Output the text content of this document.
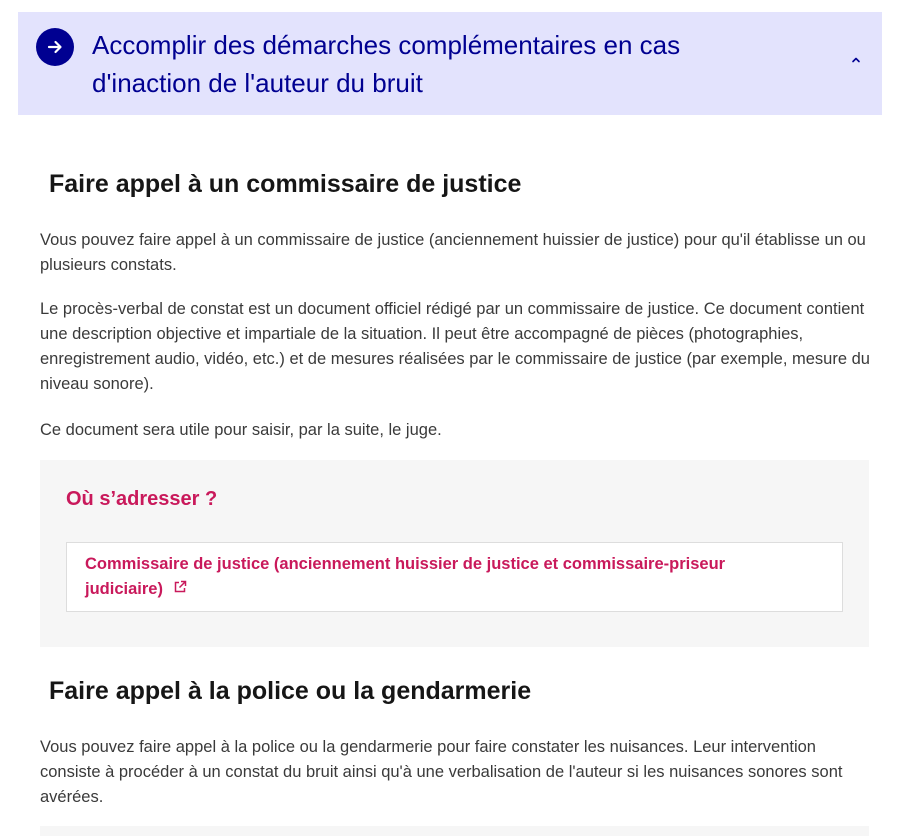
Accomplir des démarches complémentaires en cas d'inaction de l'auteur du bruit
Faire appel à un commissaire de justice

Vous pouvez faire appel à un commissaire de justice (anciennement huissier de justice) pour qu'il établisse un ou plusieurs constats.

Le procès-verbal de constat est un document officiel rédigé par un commissaire de justice. Ce document contient une description objective et impartiale de la situation. Il peut être accompagné de pièces (photographies, enregistrement audio, vidéo, etc.) et de mesures réalisées par le commissaire de justice (par exemple, mesure du niveau sonore).

Ce document sera utile pour saisir, par la suite, le juge.

Où s’adresser ?
Commissaire de justice (anciennement huissier de justice et commissaire-priseur judiciaire)
Faire appel à la police ou la gendarmerie

Vous pouvez faire appel à la police ou la gendarmerie pour faire constater les nuisances. Leur intervention consiste à procéder à un constat du bruit ainsi qu'à une verbalisation de l'auteur si les nuisances sonores sont avérées.
